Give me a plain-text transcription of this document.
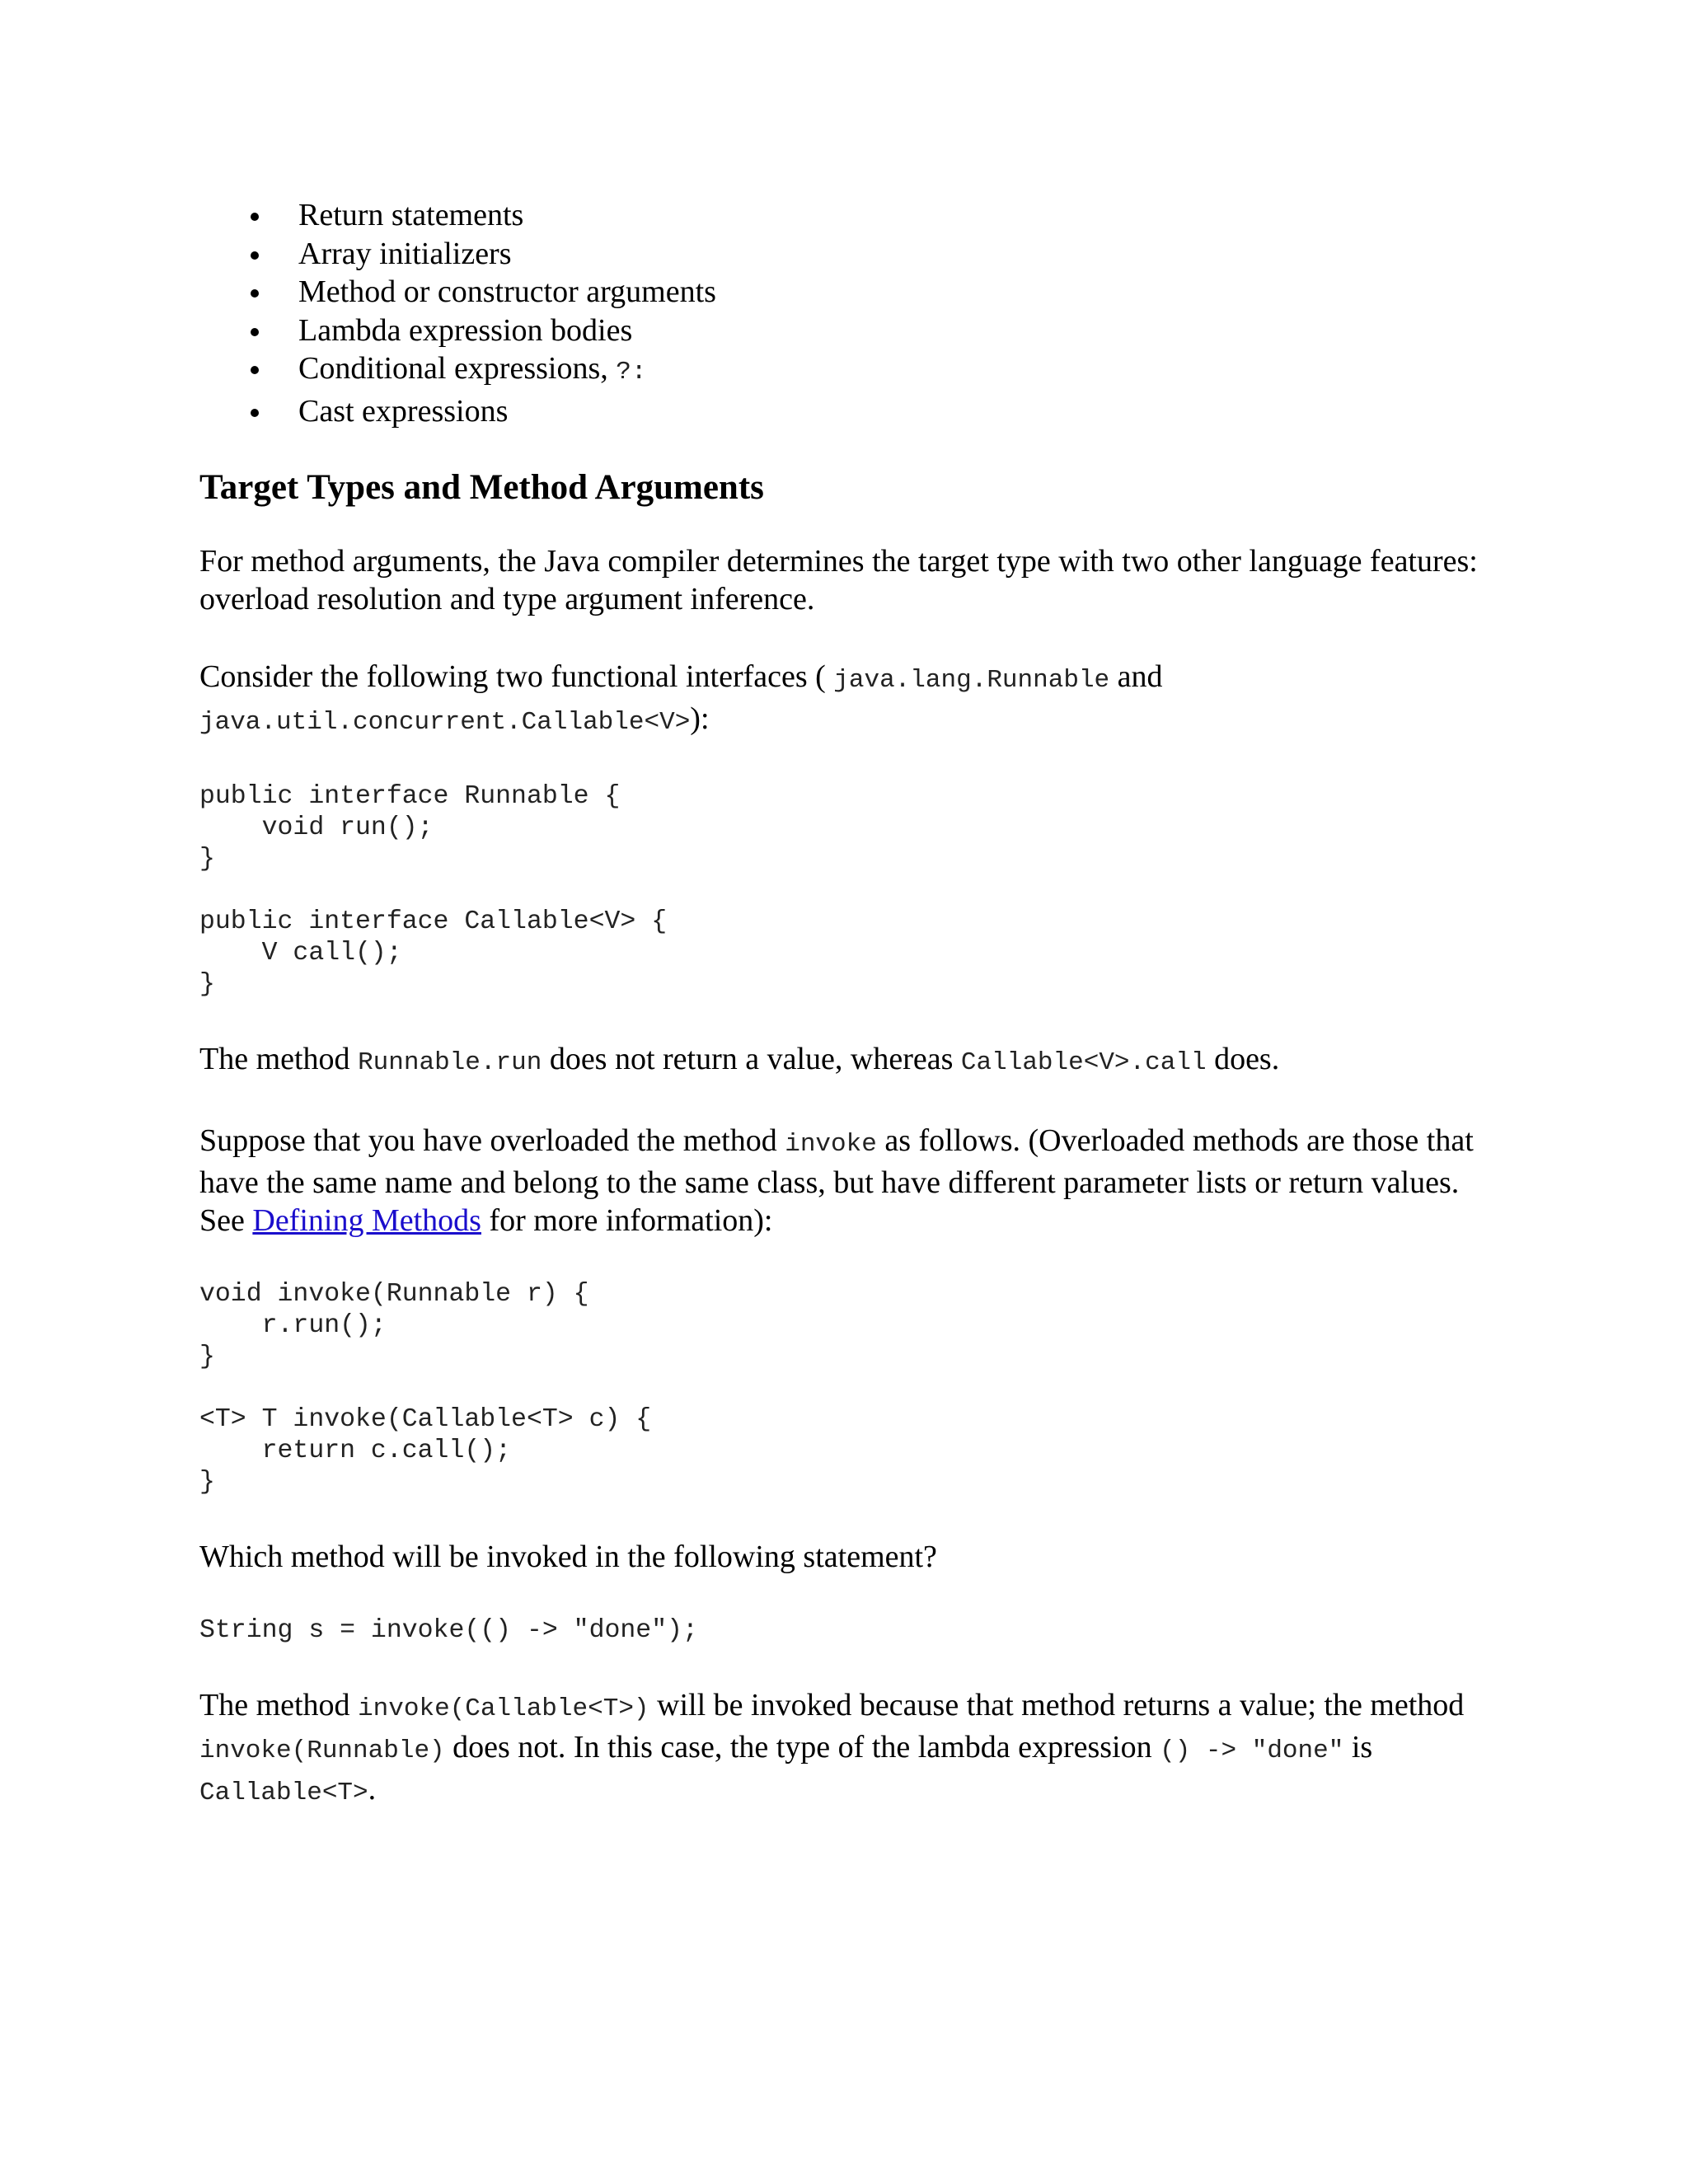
Return statements
Array initializers
Method or constructor arguments
Lambda expression bodies
Conditional expressions, ?:
Cast expressions
Target Types and Method Arguments

For method arguments, the Java compiler determines the target type with two other language features: overload resolution and type argument inference.

Consider the following two functional interfaces ( java.lang.Runnable and java.util.concurrent.Callable<V>):

public interface Runnable {
void run();
}
public interface Callable<V> {
V call();
}

The method Runnable.run does not return a value, whereas Callable<V>.call does.

Suppose that you have overloaded the method invoke as follows. (Overloaded methods are those that have the same name and belong to the same class, but have different parameter lists or return values. See Defining Methods for more information):

void invoke(Runnable r) {
r.run();
}
<T> T invoke(Callable<T> c) {
return c.call();
}

Which method will be invoked in the following statement?

String s = invoke(() -> "done");

The method invoke(Callable<T>) will be invoked because that method returns a value; the method invoke(Runnable) does not. In this case, the type of the lambda expression () -> "done" is Callable<T>.
